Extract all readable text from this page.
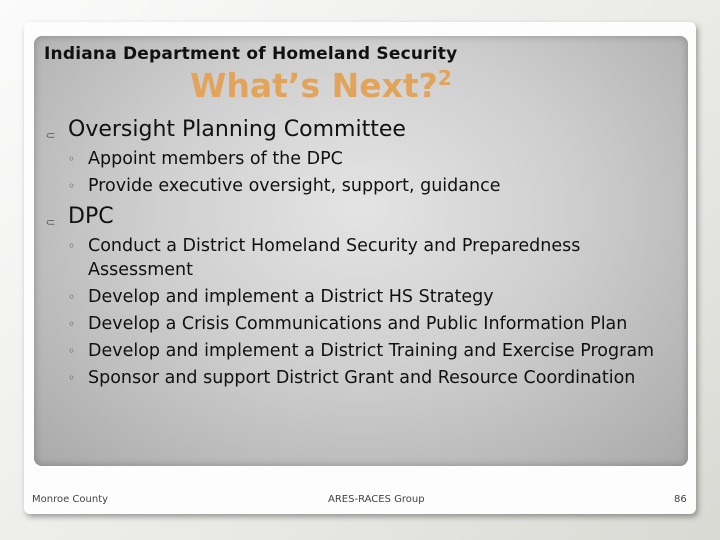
Indiana Department of Homeland Security
What’s Next?$^2$
⸦ Oversight Planning Committee
◦ Appoint members of the DPC
◦ Provide executive oversight, support, guidance
⸦ DPC
◦ Conduct a District Homeland Security and Preparedness Assessment
◦ Develop and implement a District HS Strategy
◦ Develop a Crisis Communications and Public Information Plan
◦ Develop and implement a District Training and Exercise Program
◦ Sponsor and support District Grant and Resource Coordination
Monroe County	ARES-RACES Group	86
